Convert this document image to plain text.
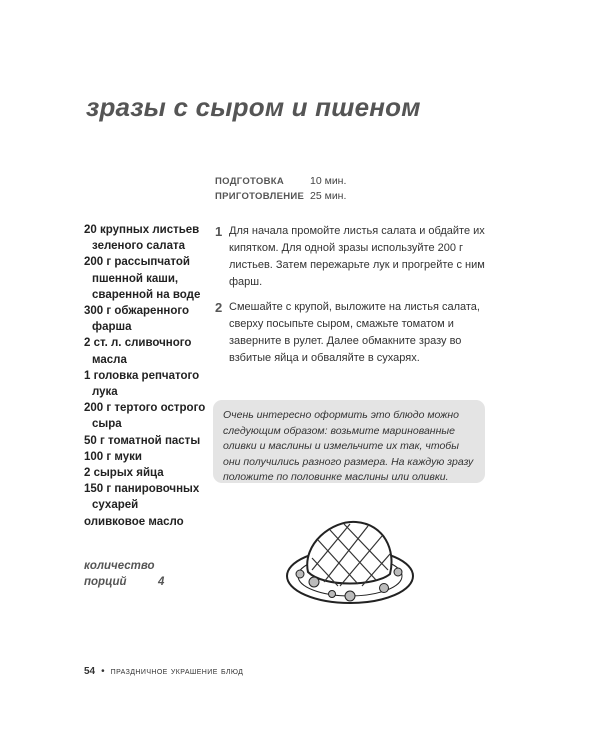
зразы с сыром и пшеном
ПОДГОТОВКА	10 мин.
ПРИГОТОВЛЕНИЕ 25 мин.
20 крупных листьев зеленого салата
200 г рассыпчатой пшенной каши, сваренной на воде
300 г обжаренного фарша
2 ст. л. сливочного масла
1 головка репчатого лука
200 г тертого острого сыра
50 г томатной пасты
100 г муки
2 сырых яйца
150 г панировочных сухарей
оливковое масло
1 Для начала промойте листья салата и обдайте их кипятком. Для одной зразы используйте 200 г листьев. Затем пережарьте лук и прогрейте с ним фарш.
2 Смешайте с крупой, выложите на листья салата, сверху посыпьте сыром, смажьте томатом и заверните в рулет. Далее обмакните зразу во взбитые яйца и обваляйте в сухарях.
Очень интересно оформить это блюдо можно следующим образом: возьмите маринованные оливки и маслины и измельчите их так, чтобы они получились разного размера. На каждую зразу положите по половинке маслины или оливки.
количество
порций	4
54 • праздничное украшение блюд
